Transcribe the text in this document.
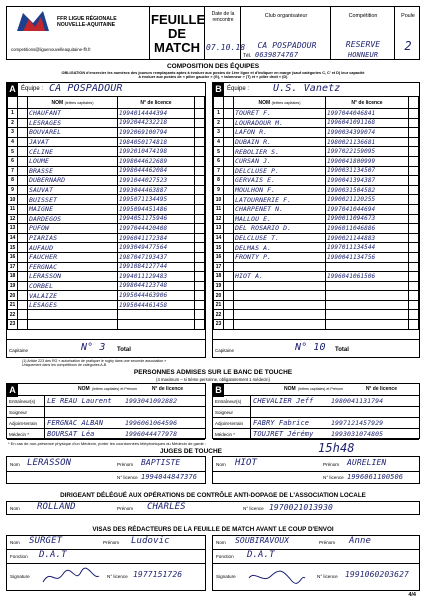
FFR LIGUE RÉGIONALE NOUVELLE-AQUITAINE
competitions@liguenouvelleaquitaine-ffr.fr
FEUILLE DE MATCH
Date de la rencontre
07.10.18
Club organisateur
CA POSPADOUR
Tél. 0639874767
Compétition
RESERVE
HONNEUR
Poule
2
COMPOSITION DES ÉQUIPES
OBLIGATION d'encercler les numéros des joueurs remplaçants aptes à évoluer aux postes de 1ère ligne et d'indiquer en marge (sauf catégories C, C' et D) leur capacité à évoluer aux postes de « pilier gauche » (G), « talonneur » (T) et « pilier droit » (D)
A Équipe : CA POSPADOUR
		NOM (lettres capitales)	N° de licence	
1		CHAUFANT	1994014444394	
2		LESRAGES	1992044232218	
3		BOUVAREL	1992069100794	
4		JAVAT	1984050174818	
5		CÉLINE	1992010474198	
6		LOUME	1998044622689	
7		BRASSE	1998044462084	
8		DUBERNARD	1991044027523	
9		SAUVAT	1993044463887	
10		BUISSET	1995071134495	
11		MAIGNE	1995094451486	
12		DARDEGOS	1994051175946	
13		PUFOW	1997044420408	
14		PIARIAS	1996041172384	
15		AUFAUD	1993049477564	
16		FAUCHER	1987047193437	
17		FERGNAC	1991084127744	
18		LERASSON	1994011129483	
19		CORBEL	1998044123748	
20		VALAIZE	1995044463906	
21		LESAGES	1995044461458	
22				
23				
Capitaine	N° 3 Total
B Équipe : U.S. Vanetz
		NOM (lettres capitales)	N° de licence	
1		TOURET F.	1997044046841	
2		LOURADOUR M.	1996041091168	
3		LAFON R.	1990034399074	
4		DUBAIN R.	1980021136681	
5		REBOLIER S.	1997022159095	
6		CURSAN J.	1990041800999	
7		DELCLUSE P.	1990031134507	
8		GERVAIS E.	1990041394387	
9		MOULHON F.	1990031504582	
10		LATOURNERIE F.	1990021120255	
11		CHARPENET N.	1997041044694	
12		MALLOU E.	1990011094673	
13		DEL ROSARIO D.	1996011046886	
14		DELCLUSE T.	1990021144883	
15		DELMAS A.	1997011134544	
16		FRONTY P.	1990041134756	
17				
18		HIOT A.	1996041061506	
19				
20				
21				
22				
23				
Capitaine	N° 10 Total
(1) Article 223 des RG « autorisation de pratiquer le rugby dans une seconde association »
Uniquement dans les compétitions de catégories A-B
PERSONNES ADMISES SUR LE BANC DE TOUCHE
(4 maximum – si 5ème personne, obligatoirement 1 médecin)
A	NOM (lettres capitales) et Prénom	N° de licence
Entraîneur(s)	LE REAU Laurent 1993041092882
Soigneur
Adjoint-terrain	FERGNAC ALBAN	1996061064596
Médecin *	BOURSAT Léa	1996044477978
B	NOM (lettres capitales) et Prénom	N° de licence
Entraîneur(s)	CHEVALIER Jeff	1980041131794
Soigneur
Adjoint-terrain	FABRY Fabrice	1997121457929
Médecin *	TOUJRET Jérémy	1993031074805
* En cas de non-présence physique d'un Médecin, porter les coordonnées téléphoniques du Médecin de garde :
JUGES DE TOUCHE	15h48
Nom LERASSON	Prénom BAPTISTE
N° licence 1994044847376
Nom HIOT	Prénom AURELIEN
N° licence 1996061100506
DIRIGEANT DÉLÉGUÉ AUX OPÉRATIONS DE CONTRÔLE ANTI-DOPAGE DE L'ASSOCIATION LOCALE
Nom ROLLAND	Prénom CHARLES	N° licence 1970021013930
VISAS DES RÉDACTEURS DE LA FEUILLE DE MATCH AVANT LE COUP D'ENVOI
Nom SURGET	Prénom Ludovic
Fonction D.A.T
Signature	N° licence 1977151726
Nom SOUBIRAVOUX	Prénom Anne
Fonction D.A.T
Signature	N° licence 1991060203627
4/4
